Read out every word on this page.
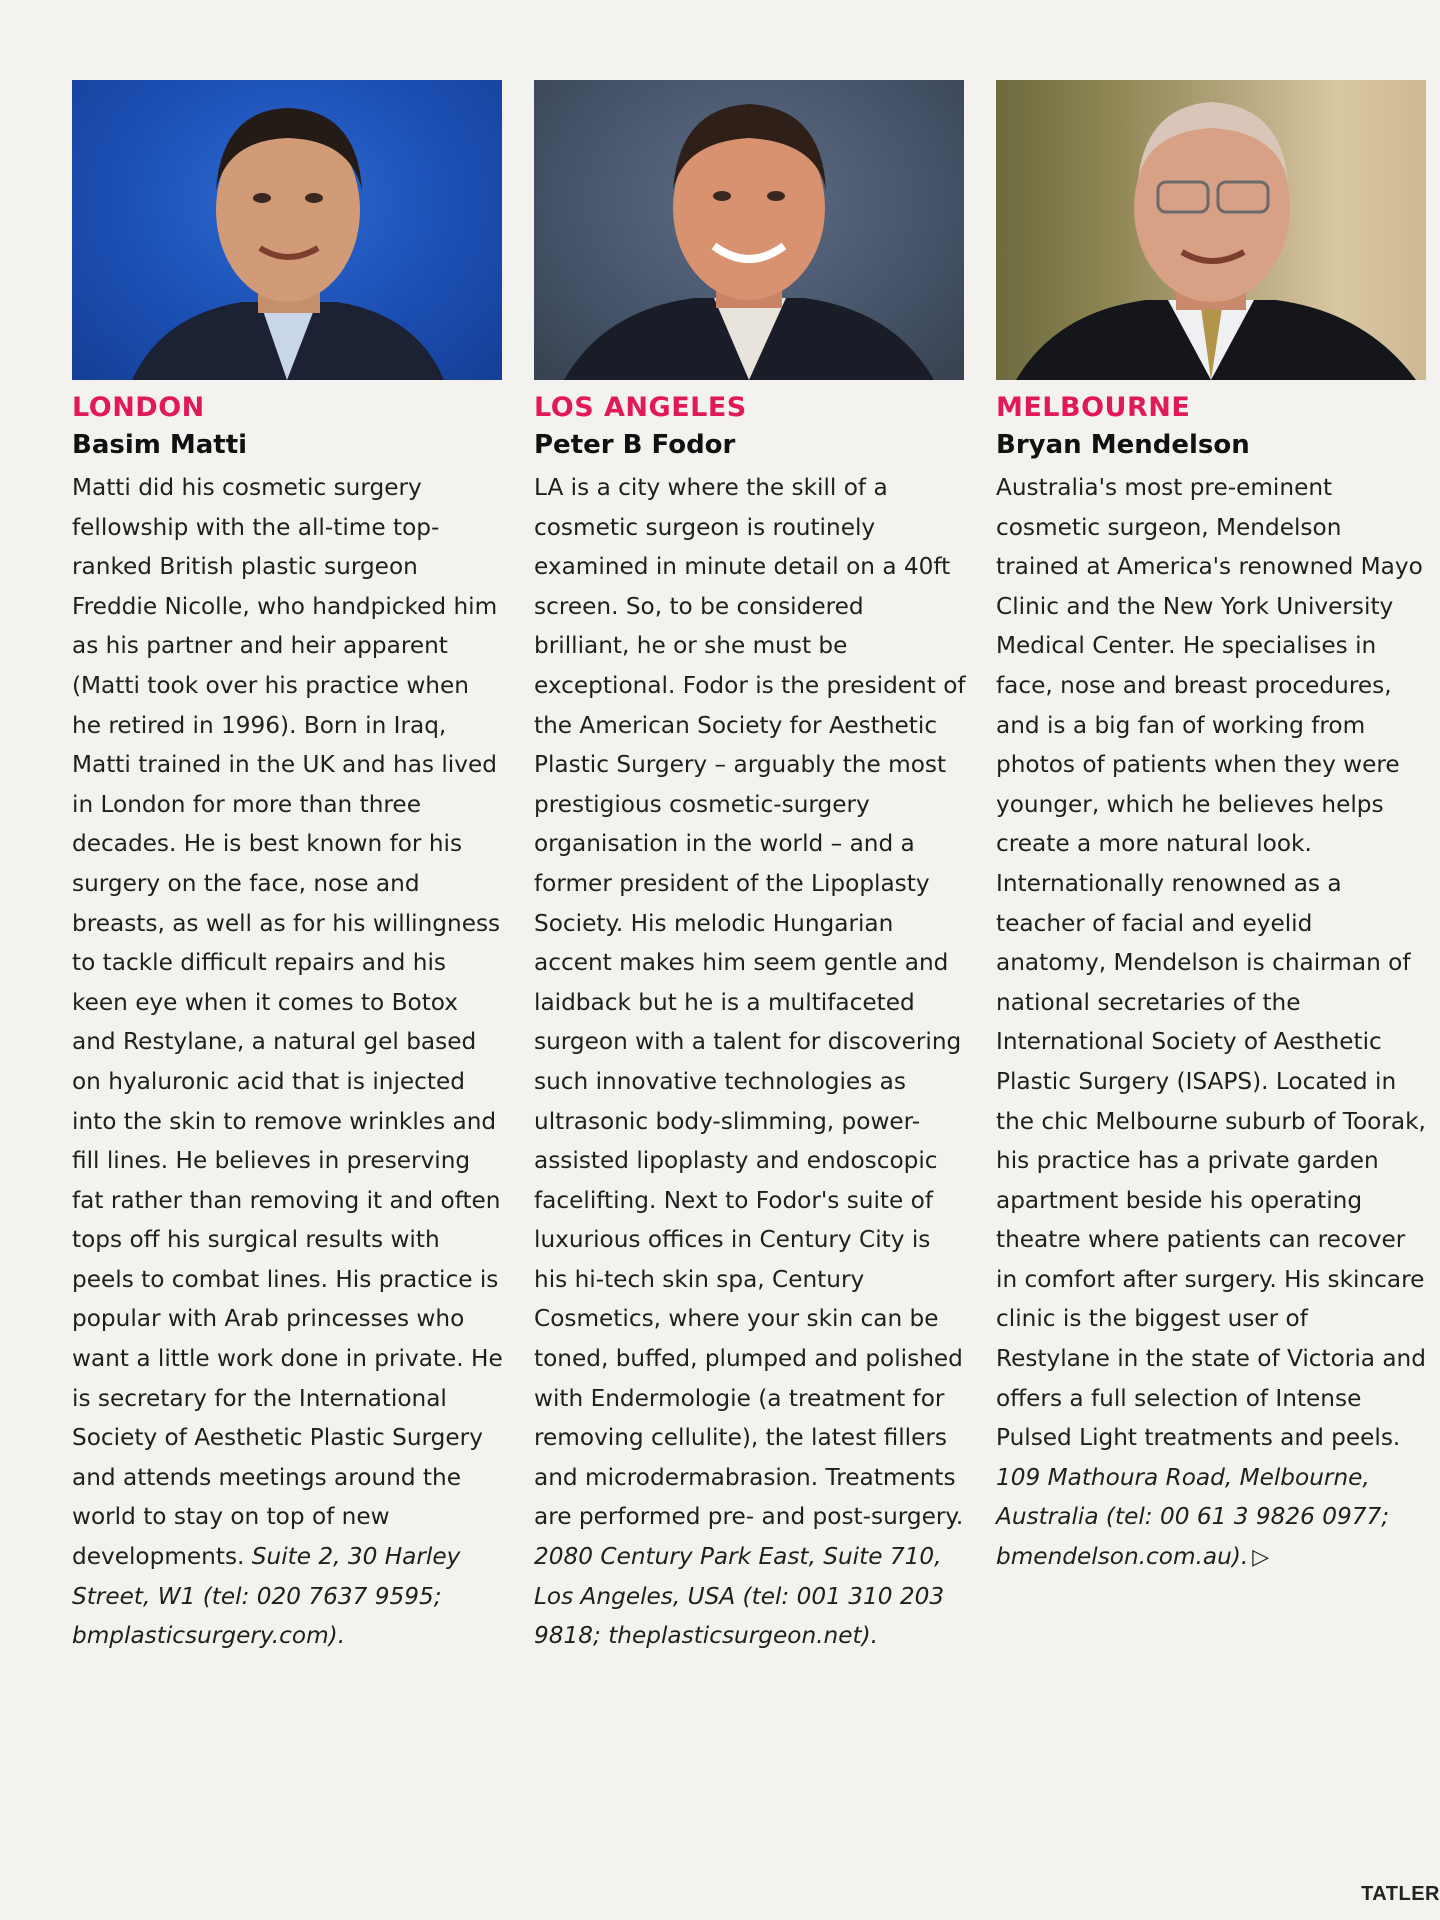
LONDON
Basim Matti

Matti did his cosmetic surgery fellowship with the all-time top-ranked British plastic surgeon Freddie Nicolle, who handpicked him as his partner and heir apparent (Matti took over his practice when he retired in 1996). Born in Iraq, Matti trained in the UK and has lived in London for more than three decades. He is best known for his surgery on the face, nose and breasts, as well as for his willingness to tackle difficult repairs and his keen eye when it comes to Botox and Restylane, a natural gel based on hyaluronic acid that is injected into the skin to remove wrinkles and fill lines. He believes in preserving fat rather than removing it and often tops off his surgical results with peels to combat lines. His practice is popular with Arab princesses who want a little work done in private. He is secretary for the International Society of Aesthetic Plastic Surgery and attends meetings around the world to stay on top of new developments. Suite 2, 30 Harley Street, W1 (tel: 020 7637 9595; bmplasticsurgery.com).

LOS ANGELES
Peter B Fodor

LA is a city where the skill of a cosmetic surgeon is routinely examined in minute detail on a 40ft screen. So, to be considered brilliant, he or she must be exceptional. Fodor is the president of the American Society for Aesthetic Plastic Surgery – arguably the most prestigious cosmetic-surgery organisation in the world – and a former president of the Lipoplasty Society. His melodic Hungarian accent makes him seem gentle and laidback but he is a multifaceted surgeon with a talent for discovering such innovative technologies as ultrasonic body-slimming, power-assisted lipoplasty and endoscopic facelifting. Next to Fodor's suite of luxurious offices in Century City is his hi-tech skin spa, Century Cosmetics, where your skin can be toned, buffed, plumped and polished with Endermologie (a treatment for removing cellulite), the latest fillers and microdermabrasion. Treatments are performed pre- and post-surgery. 2080 Century Park East, Suite 710, Los Angeles, USA (tel: 001 310 203 9818; theplasticsurgeon.net).

MELBOURNE
Bryan Mendelson

Australia's most pre-eminent cosmetic surgeon, Mendelson trained at America's renowned Mayo Clinic and the New York University Medical Center. He specialises in face, nose and breast procedures, and is a big fan of working from photos of patients when they were younger, which he believes helps create a more natural look. Internationally renowned as a teacher of facial and eyelid anatomy, Mendelson is chairman of national secretaries of the International Society of Aesthetic Plastic Surgery (ISAPS). Located in the chic Melbourne suburb of Toorak, his practice has a private garden apartment beside his operating theatre where patients can recover in comfort after surgery. His skincare clinic is the biggest user of Restylane in the state of Victoria and offers a full selection of Intense Pulsed Light treatments and peels. 109 Mathoura Road, Melbourne, Australia (tel: 00 61 3 9826 0977; bmendelson.com.au). ▷

TATLER
